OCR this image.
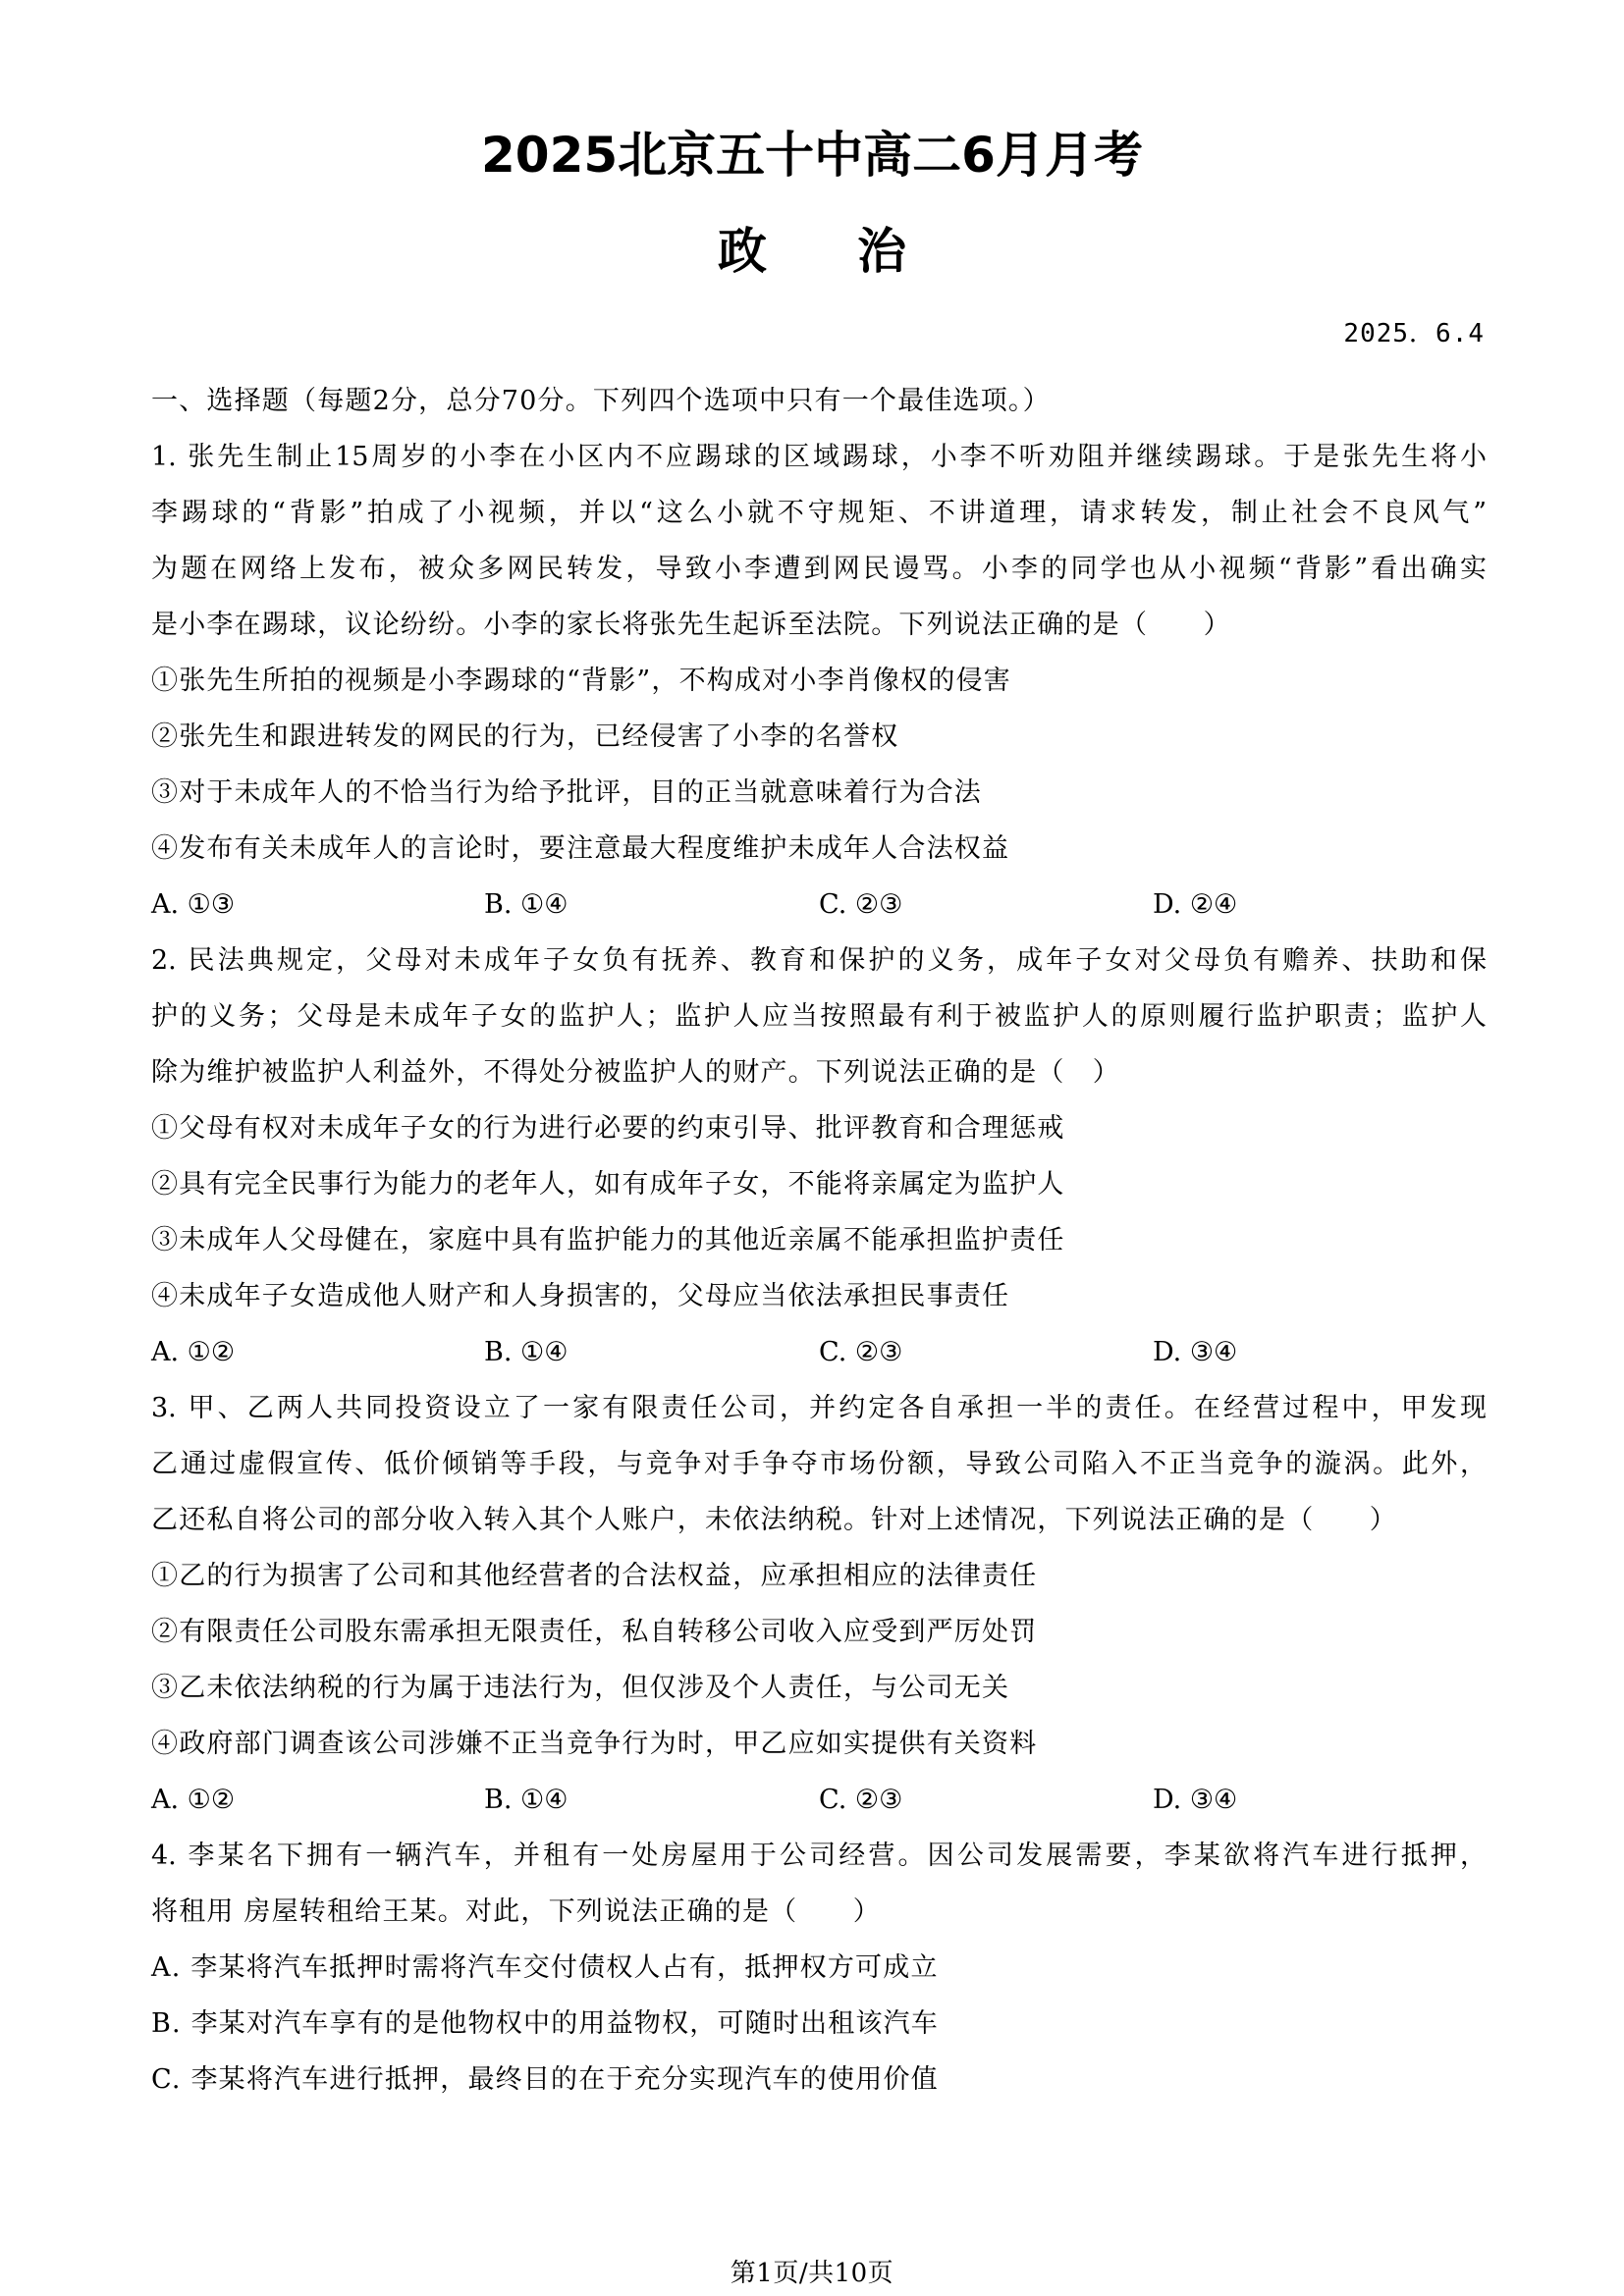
2025北京五十中高二6月月考
政治
2025．6.4
一、选择题（每题2分，总分70分。下列四个选项中只有一个最佳选项。）
1. 张先生制止15周岁的小李在小区内不应踢球的区域踢球，小李不听劝阻并继续踢球。于是张先生将小
李踢球的“背影”拍成了小视频，并以“这么小就不守规矩、不讲道理，请求转发，制止社会不良风气”
为题在网络上发布，被众多网民转发，导致小李遭到网民谩骂。小李的同学也从小视频“背影”看出确实
是小李在踢球，议论纷纷。小李的家长将张先生起诉至法院。下列说法正确的是（　　）
①张先生所拍的视频是小李踢球的“背影”，不构成对小李肖像权的侵害
②张先生和跟进转发的网民的行为，已经侵害了小李的名誉权
③对于未成年人的不恰当行为给予批评，目的正当就意味着行为合法
④发布有关未成年人的言论时，要注意最大程度维护未成年人合法权益
A. ①③	B. ①④	C. ②③	D. ②④
2. 民法典规定，父母对未成年子女负有抚养、教育和保护的义务，成年子女对父母负有赡养、扶助和保
护的义务；父母是未成年子女的监护人；监护人应当按照最有利于被监护人的原则履行监护职责；监护人
除为维护被监护人利益外，不得处分被监护人的财产。下列说法正确的是（　）
①父母有权对未成年子女的行为进行必要的约束引导、批评教育和合理惩戒
②具有完全民事行为能力的老年人，如有成年子女，不能将亲属定为监护人
③未成年人父母健在，家庭中具有监护能力的其他近亲属不能承担监护责任
④未成年子女造成他人财产和人身损害的，父母应当依法承担民事责任
A. ①②	B. ①④	C. ②③	D. ③④
3. 甲、乙两人共同投资设立了一家有限责任公司，并约定各自承担一半的责任。在经营过程中，甲发现
乙通过虚假宣传、低价倾销等手段，与竞争对手争夺市场份额，导致公司陷入不正当竞争的漩涡。此外，
乙还私自将公司的部分收入转入其个人账户，未依法纳税。针对上述情况，下列说法正确的是（　　）
①乙的行为损害了公司和其他经营者的合法权益，应承担相应的法律责任
②有限责任公司股东需承担无限责任，私自转移公司收入应受到严厉处罚
③乙未依法纳税的行为属于违法行为，但仅涉及个人责任，与公司无关
④政府部门调查该公司涉嫌不正当竞争行为时，甲乙应如实提供有关资料
A. ①②	B. ①④	C. ②③	D. ③④
4. 李某名下拥有一辆汽车，并租有一处房屋用于公司经营。因公司发展需要，李某欲将汽车进行抵押，
将租用 房屋转租给王某。对此，下列说法正确的是（　　）
A. 李某将汽车抵押时需将汽车交付债权人占有，抵押权方可成立
B. 李某对汽车享有的是他物权中的用益物权，可随时出租该汽车
C. 李某将汽车进行抵押，最终目的在于充分实现汽车的使用价值
第1页/共10页
